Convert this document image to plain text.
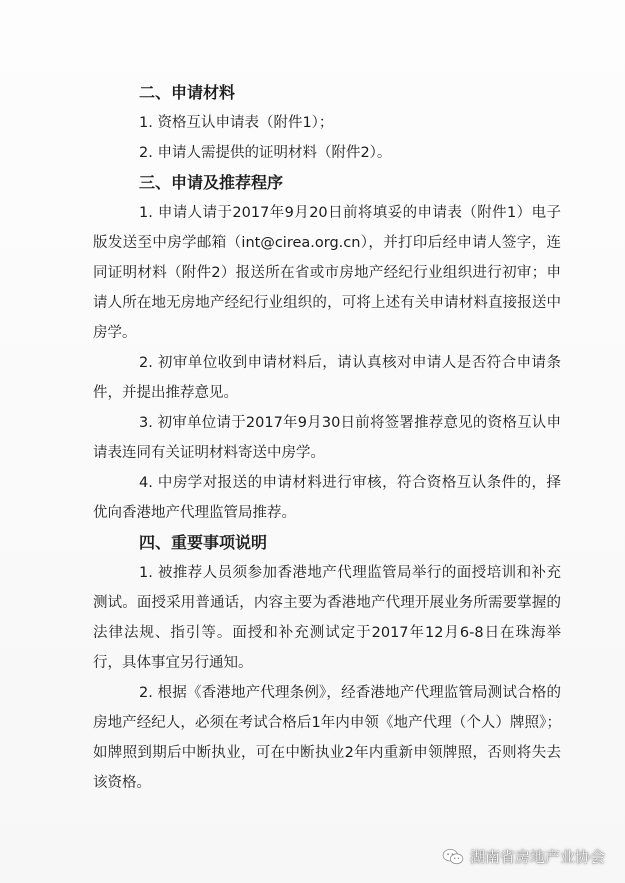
二、申请材料

1. 资格互认申请表（附件1）；

2. 申请人需提供的证明材料（附件2）。

三、申请及推荐程序

1. 申请人请于2017年9月20日前将填妥的申请表（附件1）电子版发送至中房学邮箱（int@cirea.org.cn），并打印后经申请人签字，连同证明材料（附件2）报送所在省或市房地产经纪行业组织进行初审；申请人所在地无房地产经纪行业组织的，可将上述有关申请材料直接报送中房学。

2. 初审单位收到申请材料后，请认真核对申请人是否符合申请条件，并提出推荐意见。

3. 初审单位请于2017年9月30日前将签署推荐意见的资格互认申请表连同有关证明材料寄送中房学。

4. 中房学对报送的申请材料进行审核，符合资格互认条件的，择优向香港地产代理监管局推荐。

四、重要事项说明

1. 被推荐人员须参加香港地产代理监管局举行的面授培训和补充测试。面授采用普通话，内容主要为香港地产代理开展业务所需要掌握的法律法规、指引等。面授和补充测试定于2017年12月6-8日在珠海举行，具体事宜另行通知。

2. 根据《香港地产代理条例》，经香港地产代理监管局测试合格的房地产经纪人，必须在考试合格后1年内申领《地产代理（个人）牌照》；如牌照到期后中断执业，可在中断执业2年内重新申领牌照，否则将失去该资格。

湖南省房地产业协会
